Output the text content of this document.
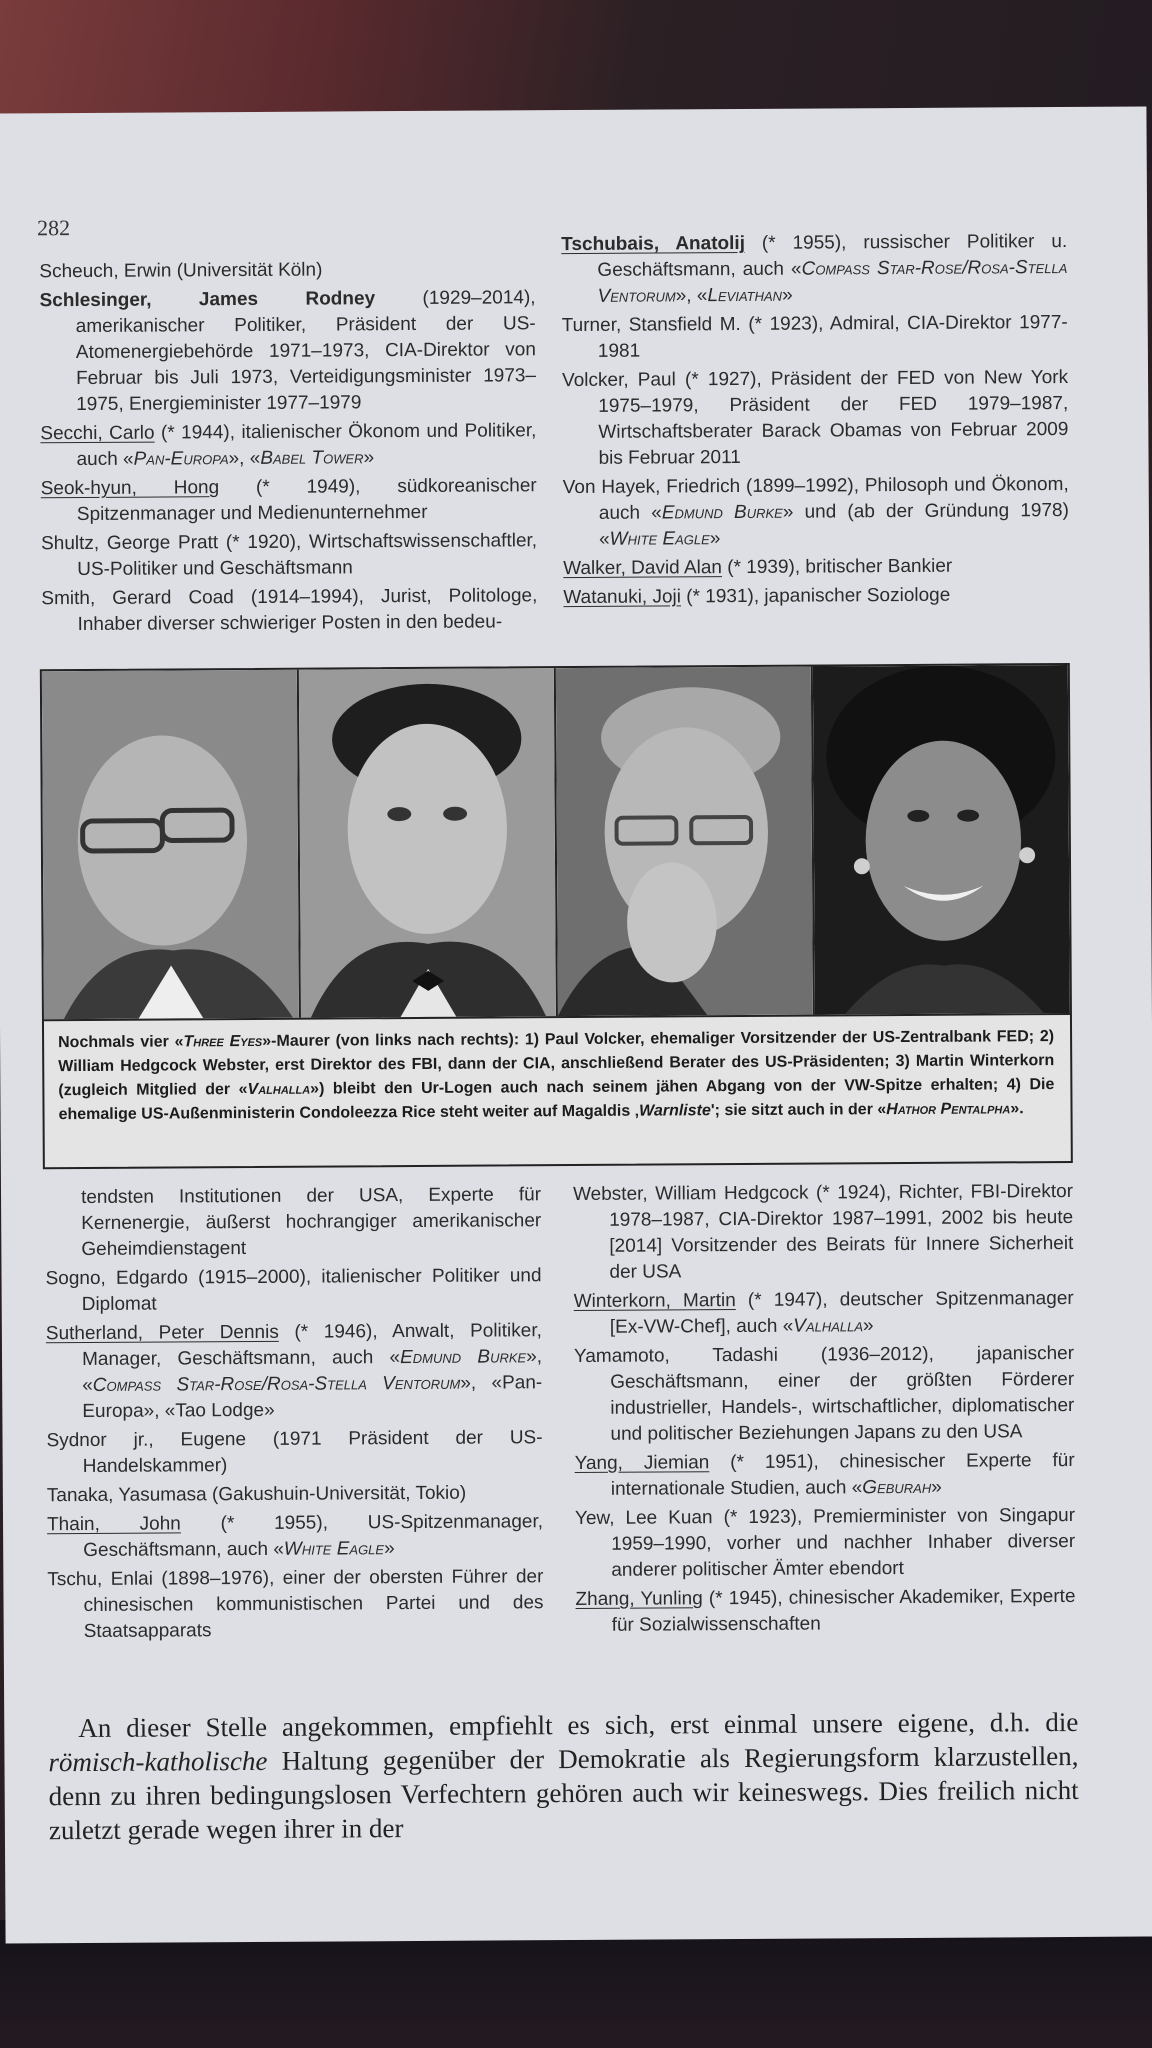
282
Scheuch, Erwin (Universität Köln)
Schlesinger, James Rodney (1929–2014), amerikanischer Politiker, Präsident der US-Atomenergiebehörde 1971–1973, CIA-Direktor von Februar bis Juli 1973, Verteidigungsminister 1973–1975, Energieminister 1977–1979
Secchi, Carlo (* 1944), italienischer Ökonom und Politiker, auch «Pan-Europa», «Babel Tower»
Seok-hyun, Hong (* 1949), südkoreanischer Spitzenmanager und Medienunternehmer
Shultz, George Pratt (* 1920), Wirtschaftswissenschaftler, US-Politiker und Geschäftsmann
Smith, Gerard Coad (1914–1994), Jurist, Politologe, Inhaber diverser schwieriger Posten in den bedeu-
Tschubais, Anatolij (* 1955), russischer Politiker u. Geschäftsmann, auch «Compass Star-Rose/Rosa-Stella Ventorum», «Leviathan»
Turner, Stansfield M. (* 1923), Admiral, CIA-Direktor 1977-1981
Volcker, Paul (* 1927), Präsident der FED von New York 1975–1979, Präsident der FED 1979–1987, Wirtschaftsberater Barack Obamas von Februar 2009 bis Februar 2011
Von Hayek, Friedrich (1899–1992), Philosoph und Ökonom, auch «Edmund Burke» und (ab der Gründung 1978) «White Eagle»
Walker, David Alan (* 1939), britischer Bankier
Watanuki, Joji (* 1931), japanischer Soziologe
Nochmals vier «Three Eyes»-Maurer (von links nach rechts): 1) Paul Volcker, ehemaliger Vorsitzender der US-Zentralbank FED; 2) William Hedgcock Webster, erst Direktor des FBI, dann der CIA, anschließend Berater des US-Präsidenten; 3) Martin Winterkorn (zugleich Mitglied der «Valhalla») bleibt den Ur-Logen auch nach seinem jähen Abgang von der VW-Spitze erhalten; 4) Die ehemalige US-Außenministerin Condoleezza Rice steht weiter auf Magaldis ‚Warnliste'; sie sitzt auch in der «Hathor Pentalpha».
tendsten Institutionen der USA, Experte für Kernenergie, äußerst hochrangiger amerikanischer Geheimdienstagent
Sogno, Edgardo (1915–2000), italienischer Politiker und Diplomat
Sutherland, Peter Dennis (* 1946), Anwalt, Politiker, Manager, Geschäftsmann, auch «Edmund Burke», «Compass Star-Rose/Rosa-Stella Ventorum», «Pan-Europa», «Tao Lodge»
Sydnor jr., Eugene (1971 Präsident der US-Handelskammer)
Tanaka, Yasumasa (Gakushuin-Universität, Tokio)
Thain, John (* 1955), US-Spitzenmanager, Geschäftsmann, auch «White Eagle»
Tschu, Enlai (1898–1976), einer der obersten Führer der chinesischen kommunistischen Partei und des Staatsapparats
Webster, William Hedgcock (* 1924), Richter, FBI-Direktor 1978–1987, CIA-Direktor 1987–1991, 2002 bis heute [2014] Vorsitzender des Beirats für Innere Sicherheit der USA
Winterkorn, Martin (* 1947), deutscher Spitzenmanager [Ex-VW-Chef], auch «Valhalla»
Yamamoto, Tadashi (1936–2012), japanischer Geschäftsmann, einer der größten Förderer industrieller, Handels-, wirtschaftlicher, diplomatischer und politischer Beziehungen Japans zu den USA
Yang, Jiemian (* 1951), chinesischer Experte für internationale Studien, auch «Geburah»
Yew, Lee Kuan (* 1923), Premierminister von Singapur 1959–1990, vorher und nachher Inhaber diverser anderer politischer Ämter ebendort
Zhang, Yunling (* 1945), chinesischer Akademiker, Experte für Sozialwissenschaften
An dieser Stelle angekommen, empfiehlt es sich, erst einmal unsere eigene, d.h. die römisch-katholische Haltung gegenüber der Demokratie als Regierungsform klarzustellen, denn zu ihren bedingungslosen Verfechtern gehören auch wir keineswegs. Dies freilich nicht zuletzt gerade wegen ihrer in der
